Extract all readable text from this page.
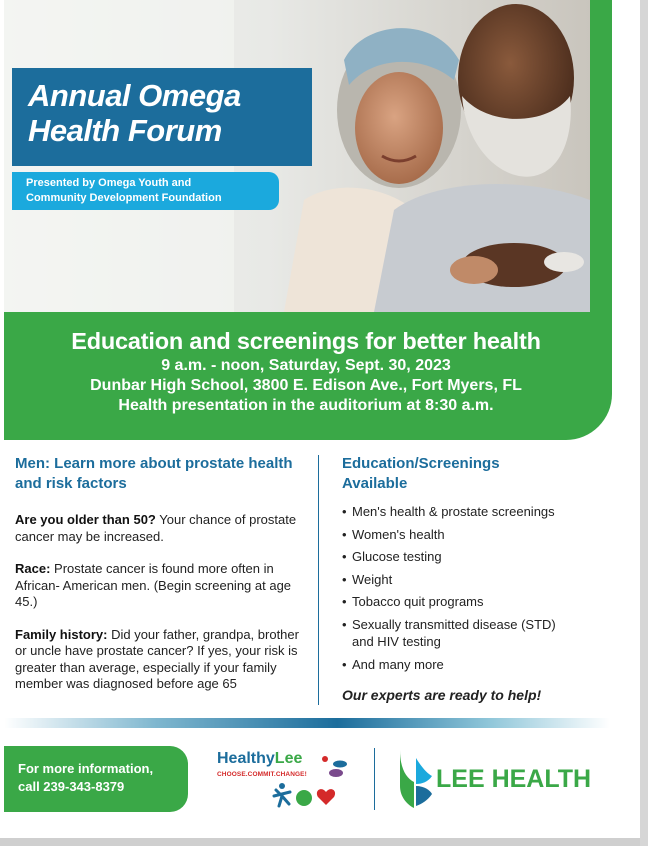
Annual Omega
Health Forum
Presented by Omega Youth and
Community Development Foundation
Education and screenings for better health
9 a.m. - noon, Saturday, Sept. 30, 2023
Dunbar High School, 3800 E. Edison Ave., Fort Myers, FL
Health presentation in the auditorium at 8:30 a.m.
Men: Learn more about prostate health and risk factors
Are you older than 50? Your chance of prostate cancer may be increased.
Race: Prostate cancer is found more often in African- American men. (Begin screening at age 45.)
Family history: Did your father, grandpa, brother or uncle have prostate cancer? If yes, your risk is greater than average, especially if your family member was diagnosed before age 65
Education/Screenings Available
• Men's health & prostate screenings
• Women's health
• Glucose testing
• Weight
• Tobacco quit programs
• Sexually transmitted disease (STD) and HIV testing
• And many more
Our experts are ready to help!
For more information,
call 239-343-8379
HealthyLee
CHOOSE.COMMIT.CHANGE!	LEE HEALTH
